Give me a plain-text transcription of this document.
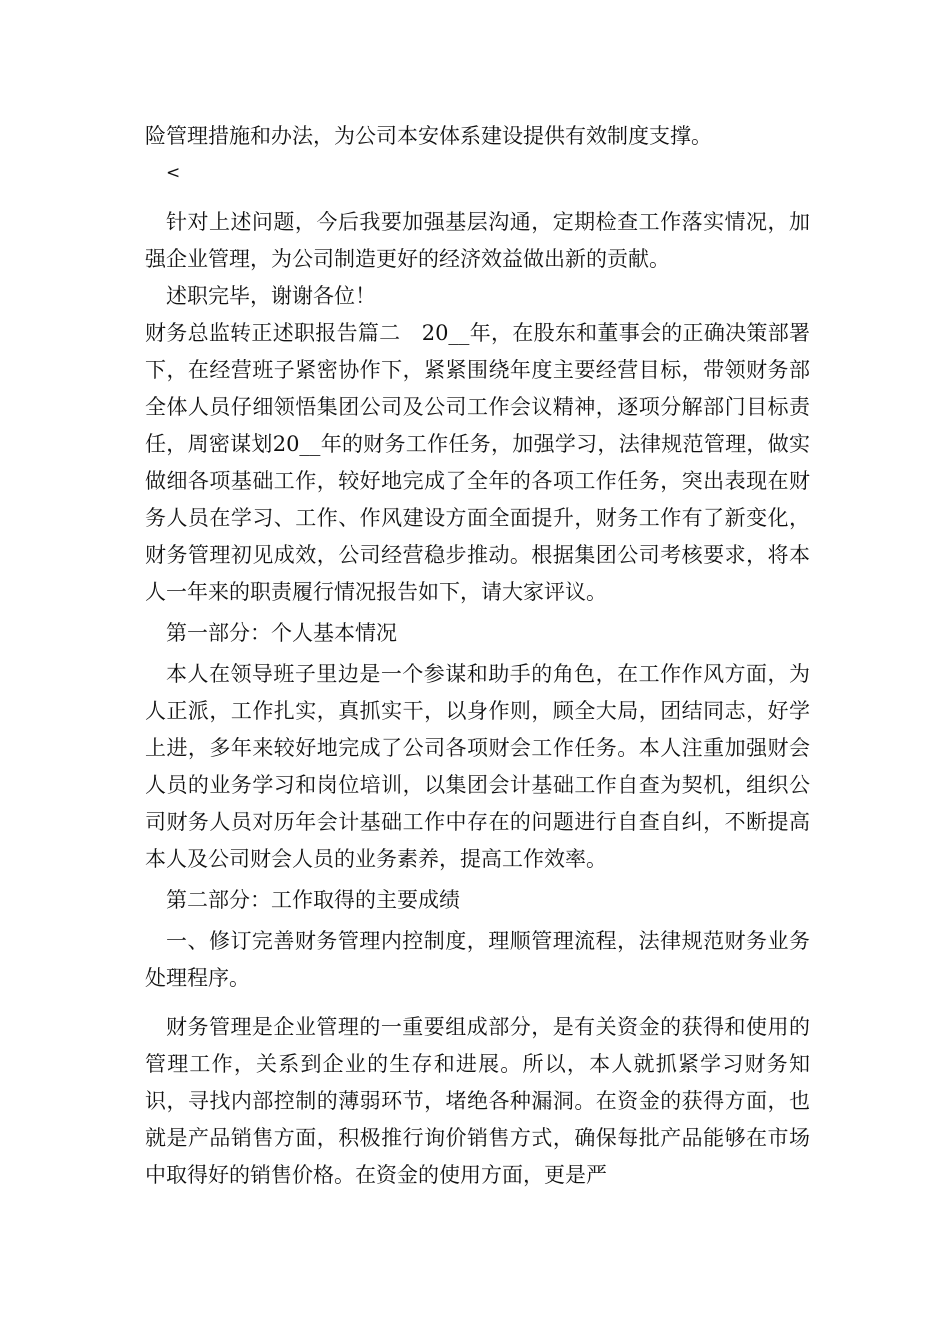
险管理措施和办法，为公司本安体系建设提供有效制度支撑。

<

针对上述问题，今后我要加强基层沟通，定期检查工作落实情况，加强企业管理，为公司制造更好的经济效益做出新的贡献。

述职完毕，谢谢各位！

财务总监转正述职报告篇二　20__年，在股东和董事会的正确决策部署下，在经营班子紧密协作下，紧紧围绕年度主要经营目标，带领财务部全体人员仔细领悟集团公司及公司工作会议精神，逐项分解部门目标责任，周密谋划20__年的财务工作任务，加强学习，法律规范管理，做实做细各项基础工作，较好地完成了全年的各项工作任务，突出表现在财务人员在学习、工作、作风建设方面全面提升，财务工作有了新变化，财务管理初见成效，公司经营稳步推动。根据集团公司考核要求，将本人一年来的职责履行情况报告如下，请大家评议。

第一部分：个人基本情况

本人在领导班子里边是一个参谋和助手的角色，在工作作风方面，为人正派，工作扎实，真抓实干，以身作则，顾全大局，团结同志，好学上进，多年来较好地完成了公司各项财会工作任务。本人注重加强财会人员的业务学习和岗位培训，以集团会计基础工作自查为契机，组织公司财务人员对历年会计基础工作中存在的问题进行自查自纠，不断提高本人及公司财会人员的业务素养，提高工作效率。

第二部分：工作取得的主要成绩

一、修订完善财务管理内控制度，理顺管理流程，法律规范财务业务处理程序。

财务管理是企业管理的一重要组成部分，是有关资金的获得和使用的管理工作，关系到企业的生存和进展。所以，本人就抓紧学习财务知识，寻找内部控制的薄弱环节，堵绝各种漏洞。在资金的获得方面，也就是产品销售方面，积极推行询价销售方式，确保每批产品能够在市场中取得好的销售价格。在资金的使用方面，更是严
